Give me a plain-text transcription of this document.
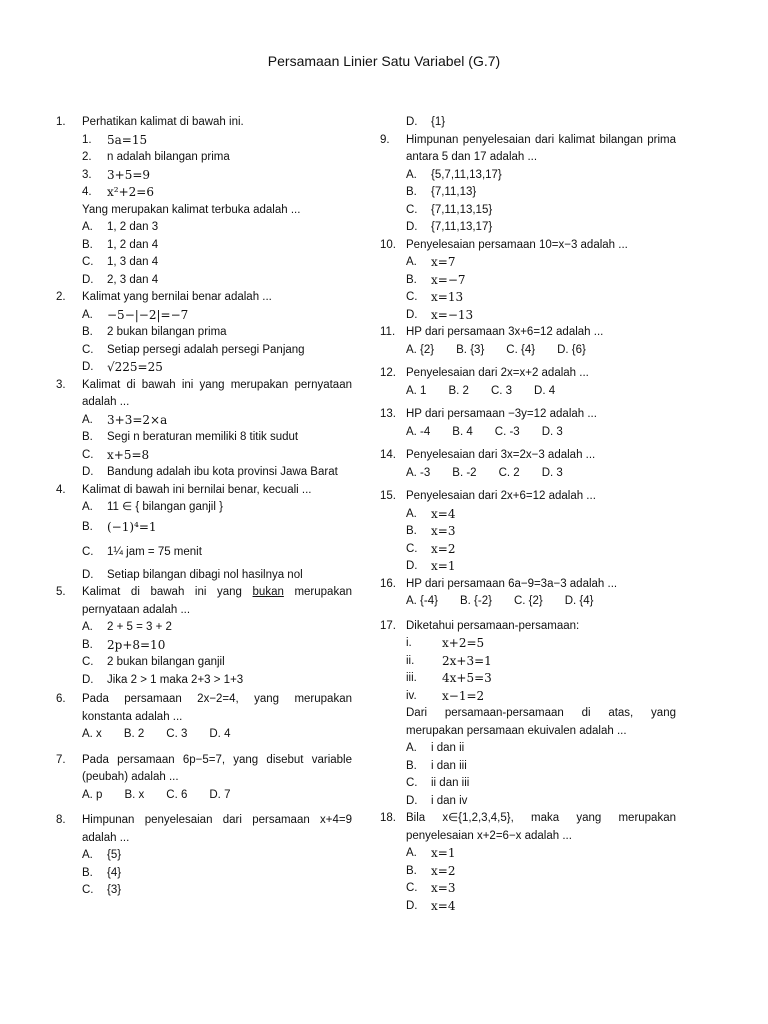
Persamaan Linier Satu Variabel (G.7)
1.	Perhatikan kalimat di bawah ini.
1.	5a=15
2.	n adalah bilangan prima
3.	3+5=9
4.	x²+2=6
Yang merupakan kalimat terbuka adalah ...
A.	1, 2 dan 3
B.	1, 2 dan 4
C.	1, 3 dan 4
D.	2, 3 dan 4
2.	Kalimat yang bernilai benar adalah ...
A.	−5−|−2|=−7
B.	2 bukan bilangan prima
C.	Setiap persegi adalah persegi Panjang
D.	√225=25
3.	Kalimat di bawah ini yang merupakan pernyataan adalah ...
A.	3+3=2×a
B.	Segi n beraturan memiliki 8 titik sudut
C.	x+5=8
D.	Bandung adalah ibu kota provinsi Jawa Barat
4.	Kalimat di bawah ini bernilai benar, kecuali ...
A.	11 ∈ { bilangan ganjil }
B.	(−1)⁴=1
C.	1¼ jam = 75 menit
D.	Setiap bilangan dibagi nol hasilnya nol
5.	Kalimat di bawah ini yang bukan merupakan pernyataan adalah ...
A.	2 + 5 = 3 + 2
B.	2p+8=10
C.	2 bukan bilangan ganjil
D.	Jika 2 > 1 maka 2+3 > 1+3
6.	Pada persamaan 2x−2=4, yang merupakan konstanta adalah ...
A. x B. 2 C. 3 D. 4
7.	Pada persamaan 6p−5=7, yang disebut variable (peubah) adalah ...
A. p B. x C. 6 D. 7
8.	Himpunan penyelesaian dari persamaan x+4=9 adalah ...
A.	{5}
B.	{4}
C.	{3}
D.	{1}
9.	Himpunan penyelesaian dari kalimat bilangan prima antara 5 dan 17 adalah ...
A.	{5,7,11,13,17}
B.	{7,11,13}
C.	{7,11,13,15}
D.	{7,11,13,17}
10. Penyelesaian persamaan 10=x−3 adalah ...
A.	x=7
B.	x=−7
C.	x=13
D.	x=−13
11. HP dari persamaan 3x+6=12 adalah ...
A. {2} B. {3} C. {4} D. {6}
12. Penyelesaian dari 2x=x+2 adalah ...
A. 1 B. 2 C. 3 D. 4
13. HP dari persamaan −3y=12 adalah ...
A. -4 B. 4 C. -3 D. 3
14. Penyelesaian dari 3x=2x−3 adalah ...
A. -3 B. -2 C. 2 D. 3
15. Penyelesaian dari 2x+6=12 adalah ...
A.	x=4
B.	x=3
C.	x=2
D.	x=1
16. HP dari persamaan 6a−9=3a−3 adalah ...
A. {-4} B. {-2} C. {2} D. {4}
17. Diketahui persamaan-persamaan:
i.	x+2=5
ii.	2x+3=1
iii.	4x+5=3
iv.	x−1=2
Dari persamaan-persamaan di atas, yang merupakan persamaan ekuivalen adalah ...
A.	i dan ii
B.	i dan iii
C.	ii dan iii
D.	i dan iv
18. Bila x∈{1,2,3,4,5}, maka yang merupakan penyelesaian x+2=6−x adalah ...
A.	x=1
B.	x=2
C.	x=3
D.	x=4
